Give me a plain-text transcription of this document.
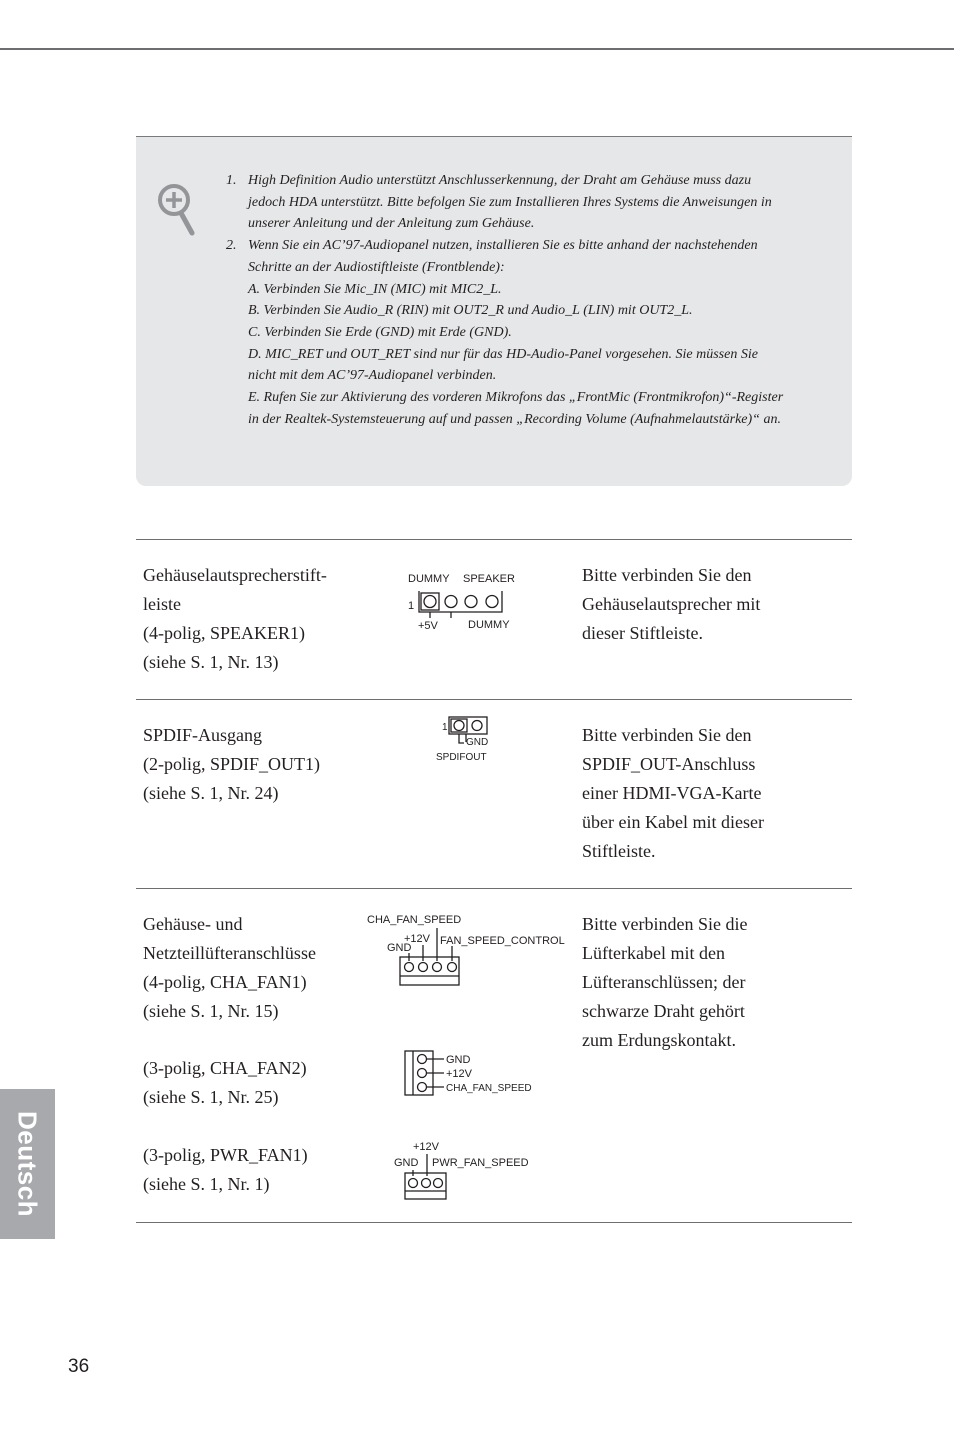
1. High Definition Audio unterstützt Anschlusserkennung, der Draht am Gehäuse muss dazu jedoch HDA unterstützt. Bitte befolgen Sie zum Installieren Ihres Systems die Anweisungen in unserer Anleitung und der Anleitung zum Gehäuse.
2. Wenn Sie ein AC’97-Audiopanel nutzen, installieren Sie es bitte anhand der nachstehenden Schritte an der Audiostiftleiste (Frontblende):
A. Verbinden Sie Mic_IN (MIC) mit MIC2_L.
B. Verbinden Sie Audio_R (RIN) mit OUT2_R und Audio_L (LIN) mit OUT2_L.
C. Verbinden Sie Erde (GND) mit Erde (GND).
D. MIC_RET und OUT_RET sind nur für das HD-Audio-Panel vorgesehen. Sie müssen Sie nicht mit dem AC’97-Audiopanel verbinden.
E. Rufen Sie zur Aktivierung des vorderen Mikrofons das „FrontMic (Frontmikrofon)“-Register in der Realtek-Systemsteuerung auf und passen „Recording Volume (Aufnahmelautstärke)“ an.
Gehäuselautsprecherstift-
leiste
(4-polig, SPEAKER1)
(siehe S. 1, Nr. 13)
DUMMY SPEAKER
1
+5V	DUMMY
Bitte verbinden Sie den
Gehäuselautsprecher mit
dieser Stiftleiste.
SPDIF-Ausgang
(2-polig, SPDIF_OUT1)
(siehe S. 1, Nr. 24)
1
GND
SPDIFOUT
Bitte verbinden Sie den
SPDIF_OUT-Anschluss
einer HDMI-VGA-Karte
über ein Kabel mit dieser
Stiftleiste.
Gehäuse- und
Netzteillüfteranschlüsse
(4-polig, CHA_FAN1)
(siehe S. 1, Nr. 15)
(3-polig, CHA_FAN2)
(siehe S. 1, Nr. 25)
(3-polig, PWR_FAN1)
(siehe S. 1, Nr. 1)
CHA_FAN_SPEED
+12V FAN_SPEED_CONTROL
GND
GND
+12V
CHA_FAN_SPEED
+12V
GND PWR_FAN_SPEED
Bitte verbinden Sie die
Lüfterkabel mit den
Lüfteranschlüssen; der
schwarze Draht gehört
zum Erdungskontakt.
Deutsch
36
